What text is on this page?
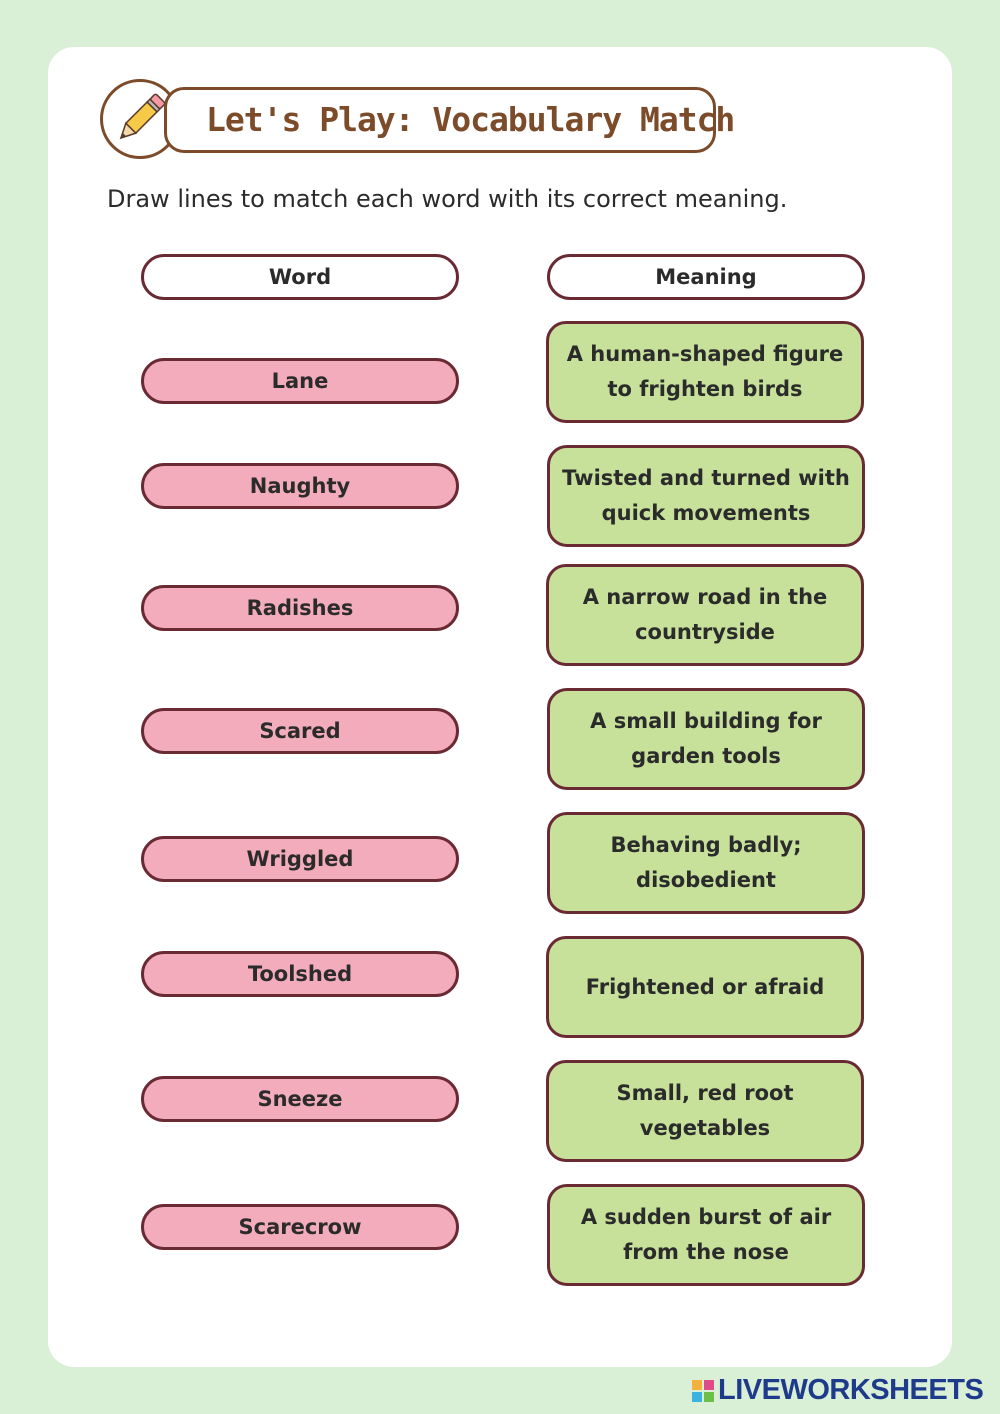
Let's Play: Vocabulary Match
Draw lines to match each word with its correct meaning.
Word	Meaning
Lane
Naughty
Radishes
Scared
Wriggled
Toolshed
Sneeze
Scarecrow
A human-shaped figure to frighten birds
Twisted and turned with quick movements
A narrow road in the countryside
A small building for garden tools
Behaving badly; disobedient
Frightened or afraid
Small, red root vegetables
A sudden burst of air from the nose
LIVEWORKSHEETS
